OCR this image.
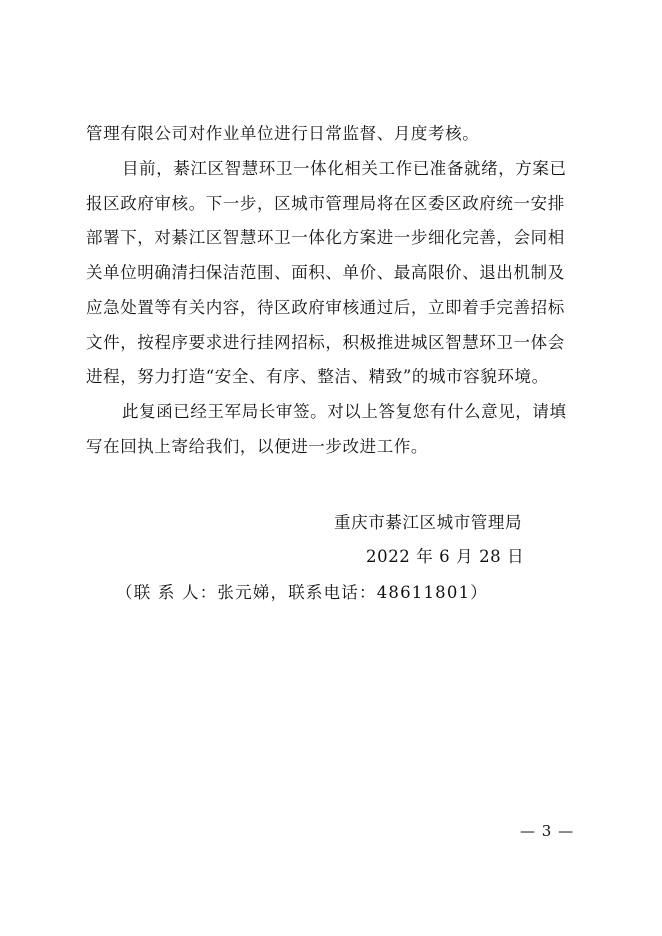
管理有限公司对作业单位进行日常监督、月度考核。
目前，綦江区智慧环卫一体化相关工作已准备就绪，方案已
报区政府审核。下一步，区城市管理局将在区委区政府统一安排
部署下，对綦江区智慧环卫一体化方案进一步细化完善，会同相
关单位明确清扫保洁范围、面积、单价、最高限价、退出机制及
应急处置等有关内容，待区政府审核通过后，立即着手完善招标
文件，按程序要求进行挂网招标，积极推进城区智慧环卫一体会
进程，努力打造“安全、有序、整洁、精致”的城市容貌环境。
此复函已经王军局长审签。对以上答复您有什么意见，请填
写在回执上寄给我们，以便进一步改进工作。
重庆市綦江区城市管理局
2022 年 6 月 28 日
（联 系 人：张元娣，联系电话：48611801）
— 3 —
